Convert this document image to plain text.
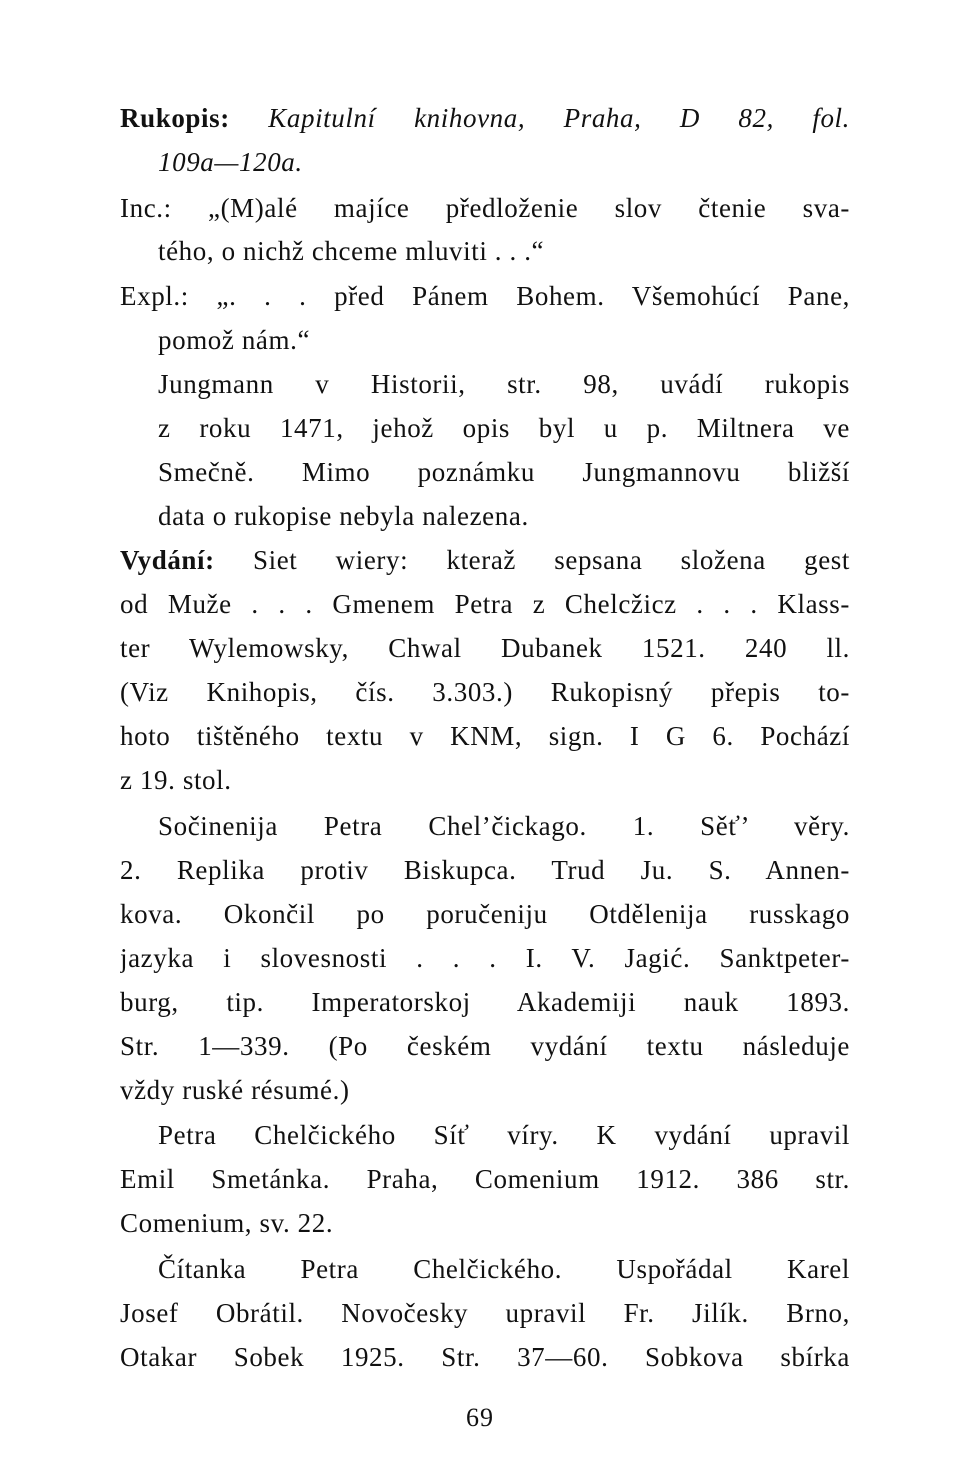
Rukopis: Kapitulní knihovna, Praha, D 82, fol.
109a—120a.
Inc.: „(M)alé majíce předloženie slov čtenie sva-
tého, o nichž chceme mluviti . . .“
Expl.: „. . . před Pánem Bohem. Všemohúcí Pane,
pomož nám.“
Jungmann v Historii, str. 98, uvádí rukopis
z roku 1471, jehož opis byl u p. Miltnera ve
Smečně. Mimo poznámku Jungmannovu bližší
data o rukopise nebyla nalezena.
Vydání: Siet wiery: kteraž sepsana složena gest
od Muže . . . Gmenem Petra z Chelcžicz . . . Klass-
ter Wylemowsky, Chwal Dubanek 1521. 240 ll.
(Viz Knihopis, čís. 3.303.) Rukopisný přepis to-
hoto tištěného textu v KNM, sign. I G 6. Pochází
z 19. stol.
Sočinenija Petra Chel’čickago. 1. Sěť’ věry.
2. Replika protiv Biskupca. Trud Ju. S. Annen-
kova. Okončil po poručeniju Otdělenija russkago
jazyka i slovesnosti . . . I. V. Jagić. Sanktpeter-
burg, tip. Imperatorskoj Akademiji nauk 1893.
Str. 1—339. (Po českém vydání textu následuje
vždy ruské résumé.)
Petra Chelčického Síť víry. K vydání upravil
Emil Smetánka. Praha, Comenium 1912. 386 str.
Comenium, sv. 22.
Čítanka Petra Chelčického. Uspořádal Karel
Josef Obrátil. Novočesky upravil Fr. Jilík. Brno,
Otakar Sobek 1925. Str. 37—60. Sobkova sbírka
69
